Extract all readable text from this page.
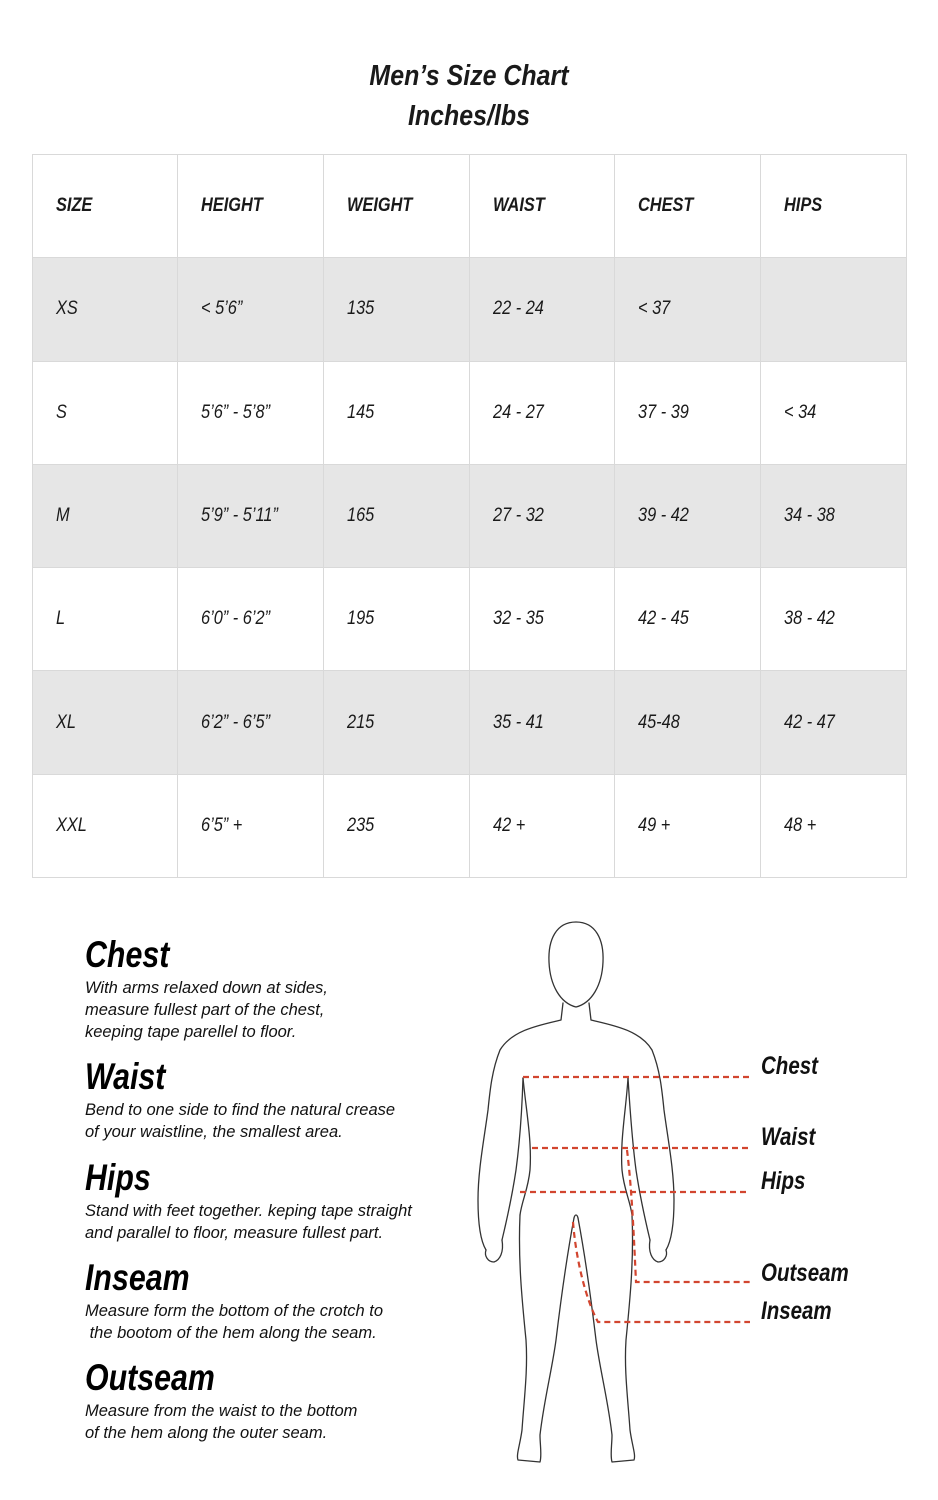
Men’s Size Chart
Inches/lbs
SIZE	HEIGHT	WEIGHT	WAIST	CHEST	HIPS
XS	< 5’6”	135	22 - 24	< 37	
S	5’6” - 5’8”	145	24 - 27	37 - 39	< 34
M	5’9” - 5’11”	165	27 - 32	39 - 42	34 - 38
L	6’0” - 6’2”	195	32 - 35	42 - 45	38 - 42
XL	6’2” - 6’5”	215	35 - 41	45-48	42 - 47
XXL	6’5” +	235	42 +	49 +	48 +
Chest
With arms relaxed down at sides,
measure fullest part of the chest,
keeping tape parellel to floor.
Waist
Bend to one side to find the natural crease
of your waistline, the smallest area.
Hips
Stand with feet together. keping tape straight
and parallel to floor, measure fullest part.
Inseam
Measure form the bottom of the crotch to
the bootom of the hem along the seam.
Outseam
Measure from the waist to the bottom
of the hem along the outer seam.
Chest
Waist
Hips
Outseam
Inseam
